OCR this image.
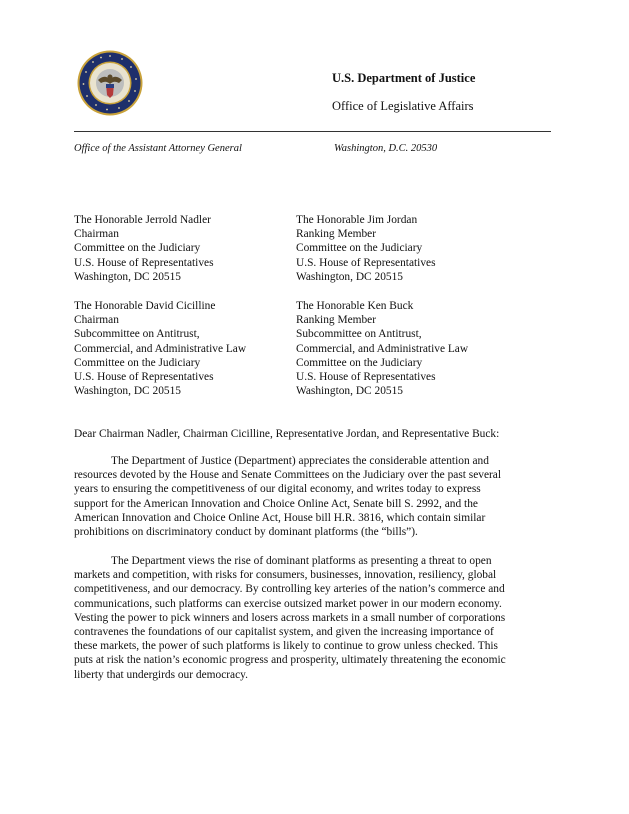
U.S. Department of Justice
Office of Legislative Affairs
Office of the Assistant Attorney General	Washington, D.C. 20530
The Honorable Jerrold Nadler
Chairman
Committee on the Judiciary
U.S. House of Representatives
Washington, DC 20515
The Honorable Jim Jordan
Ranking Member
Committee on the Judiciary
U.S. House of Representatives
Washington, DC 20515
The Honorable David Cicilline
Chairman
Subcommittee on Antitrust,
Commercial, and Administrative Law
Committee on the Judiciary
U.S. House of Representatives
Washington, DC 20515
The Honorable Ken Buck
Ranking Member
Subcommittee on Antitrust,
Commercial, and Administrative Law
Committee on the Judiciary
U.S. House of Representatives
Washington, DC 20515
Dear Chairman Nadler, Chairman Cicilline, Representative Jordan, and Representative Buck:
The Department of Justice (Department) appreciates the considerable attention and
resources devoted by the House and Senate Committees on the Judiciary over the past several
years to ensuring the competitiveness of our digital economy, and writes today to express
support for the American Innovation and Choice Online Act, Senate bill S. 2992, and the
American Innovation and Choice Online Act, House bill H.R. 3816, which contain similar
prohibitions on discriminatory conduct by dominant platforms (the “bills”).
The Department views the rise of dominant platforms as presenting a threat to open
markets and competition, with risks for consumers, businesses, innovation, resiliency, global
competitiveness, and our democracy. By controlling key arteries of the nation’s commerce and
communications, such platforms can exercise outsized market power in our modern economy.
Vesting the power to pick winners and losers across markets in a small number of corporations
contravenes the foundations of our capitalist system, and given the increasing importance of
these markets, the power of such platforms is likely to continue to grow unless checked. This
puts at risk the nation’s economic progress and prosperity, ultimately threatening the economic
liberty that undergirds our democracy.
